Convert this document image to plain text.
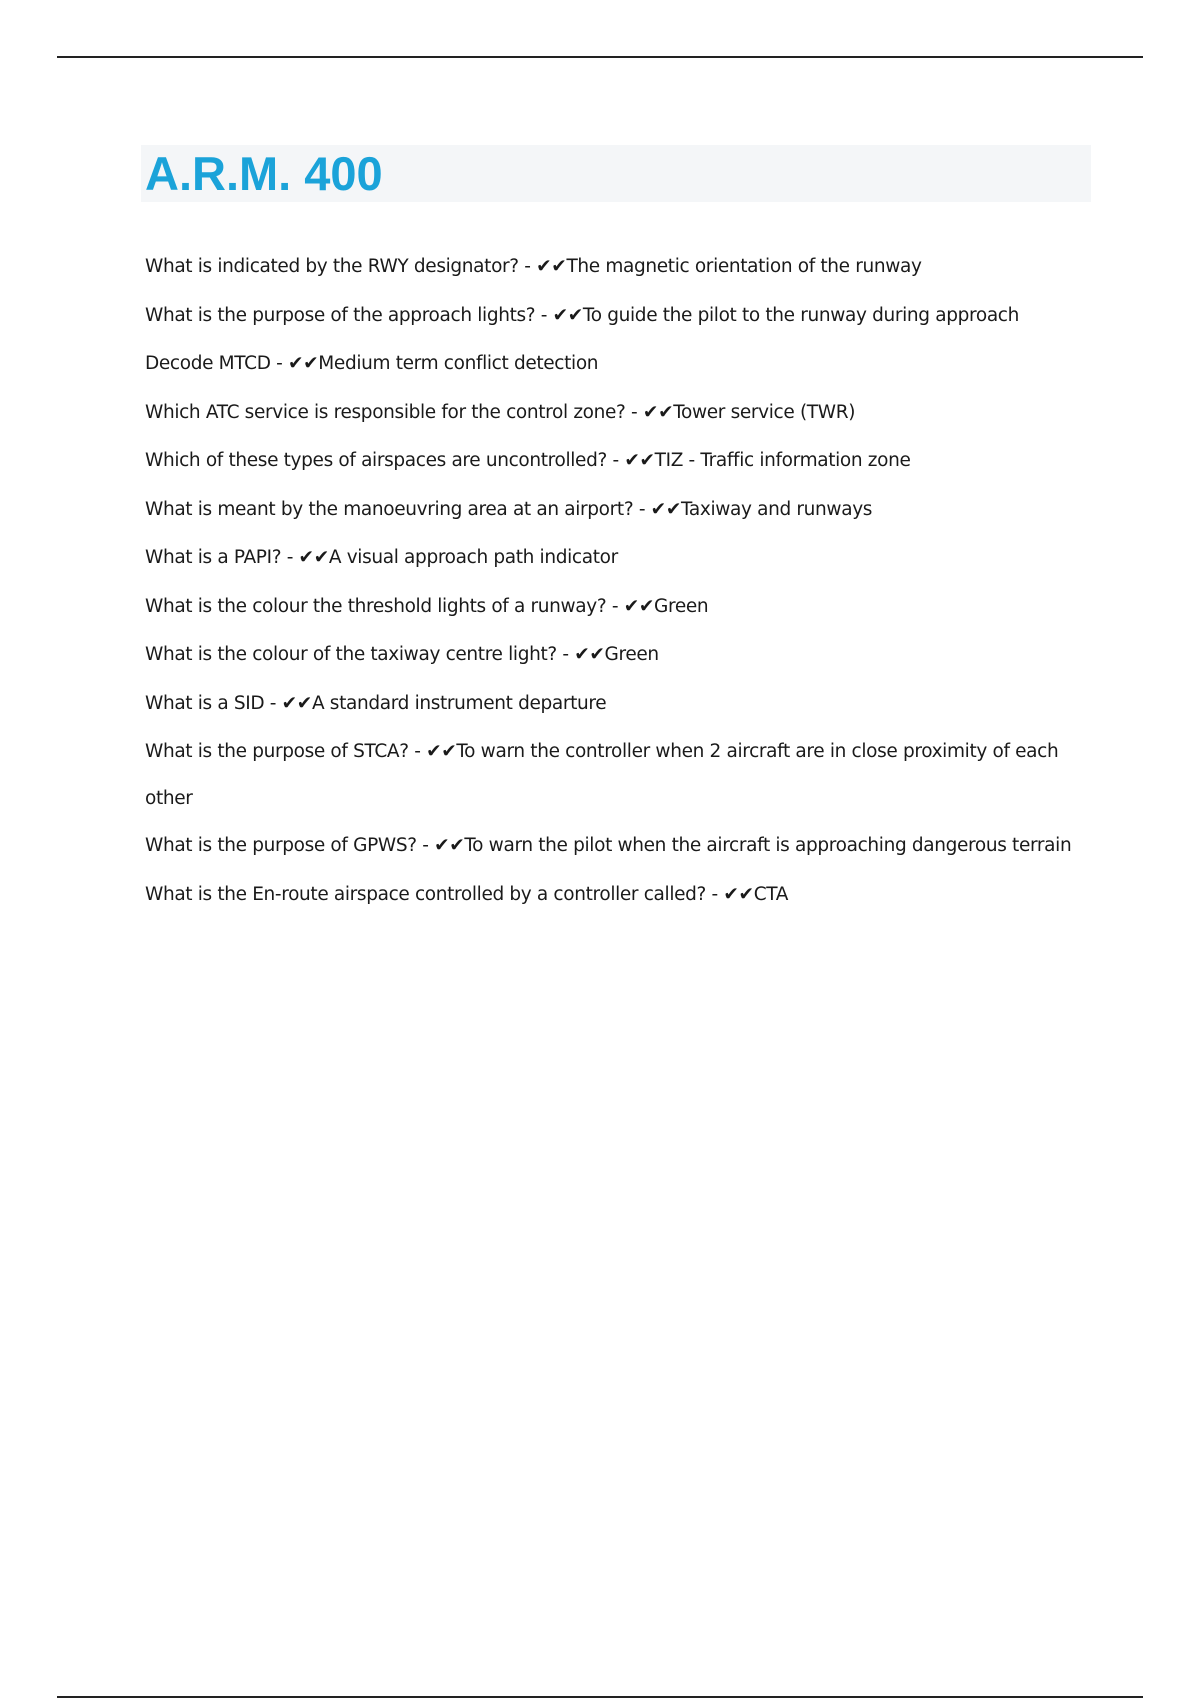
A.R.M. 400
What is indicated by the RWY designator? - ✔✔The magnetic orientation of the runway
What is the purpose of the approach lights? - ✔✔To guide the pilot to the runway during approach
Decode MTCD - ✔✔Medium term conflict detection
Which ATC service is responsible for the control zone? - ✔✔Tower service (TWR)
Which of these types of airspaces are uncontrolled? - ✔✔TIZ - Traffic information zone
What is meant by the manoeuvring area at an airport? - ✔✔Taxiway and runways
What is a PAPI? - ✔✔A visual approach path indicator
What is the colour the threshold lights of a runway? - ✔✔Green
What is the colour of the taxiway centre light? - ✔✔Green
What is a SID - ✔✔A standard instrument departure
What is the purpose of STCA? - ✔✔To warn the controller when 2 aircraft are in close proximity of each other
What is the purpose of GPWS? - ✔✔To warn the pilot when the aircraft is approaching dangerous terrain
What is the En-route airspace controlled by a controller called? - ✔✔CTA
